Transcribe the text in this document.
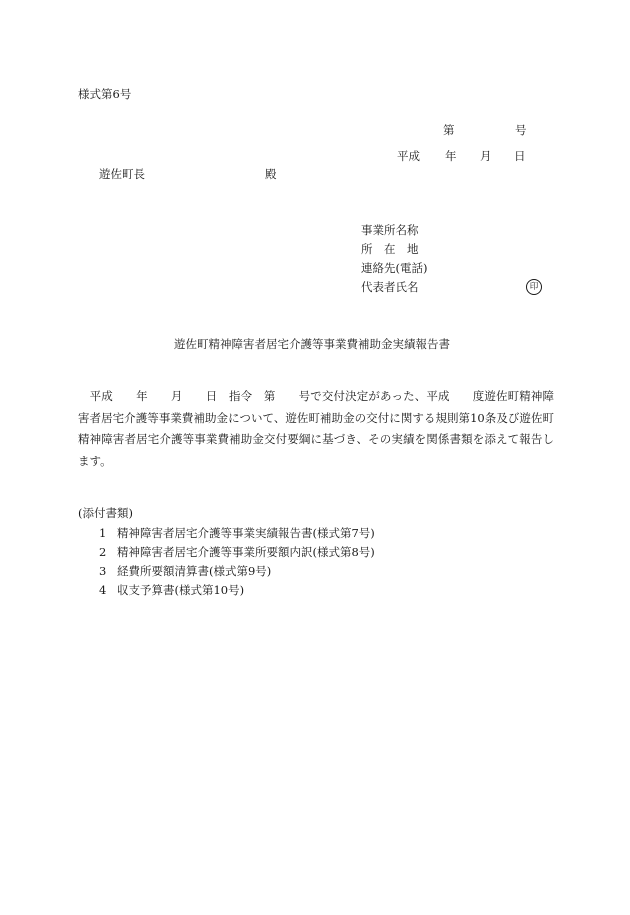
様式第6号
第	号
平成 年 月 日
遊佐町長	殿
事業所名称
所　在　地
連絡先(電話)
代表者氏名	印
遊佐町精神障害者居宅介護等事業費補助金実績報告書
　平成　　年　　月　　日　指令　第　　号で交付決定があった、平成　　度遊佐町精神障害者居宅介護等事業費補助金について、遊佐町補助金の交付に関する規則第10条及び遊佐町精神障害者居宅介護等事業費補助金交付要綱に基づき、その実績を関係書類を添えて報告します。
(添付書類)
1 精神障害者居宅介護等事業実績報告書(様式第7号)
2 精神障害者居宅介護等事業所要額内訳(様式第8号)
3 経費所要額清算書(様式第9号)
4 収支予算書(様式第10号)
